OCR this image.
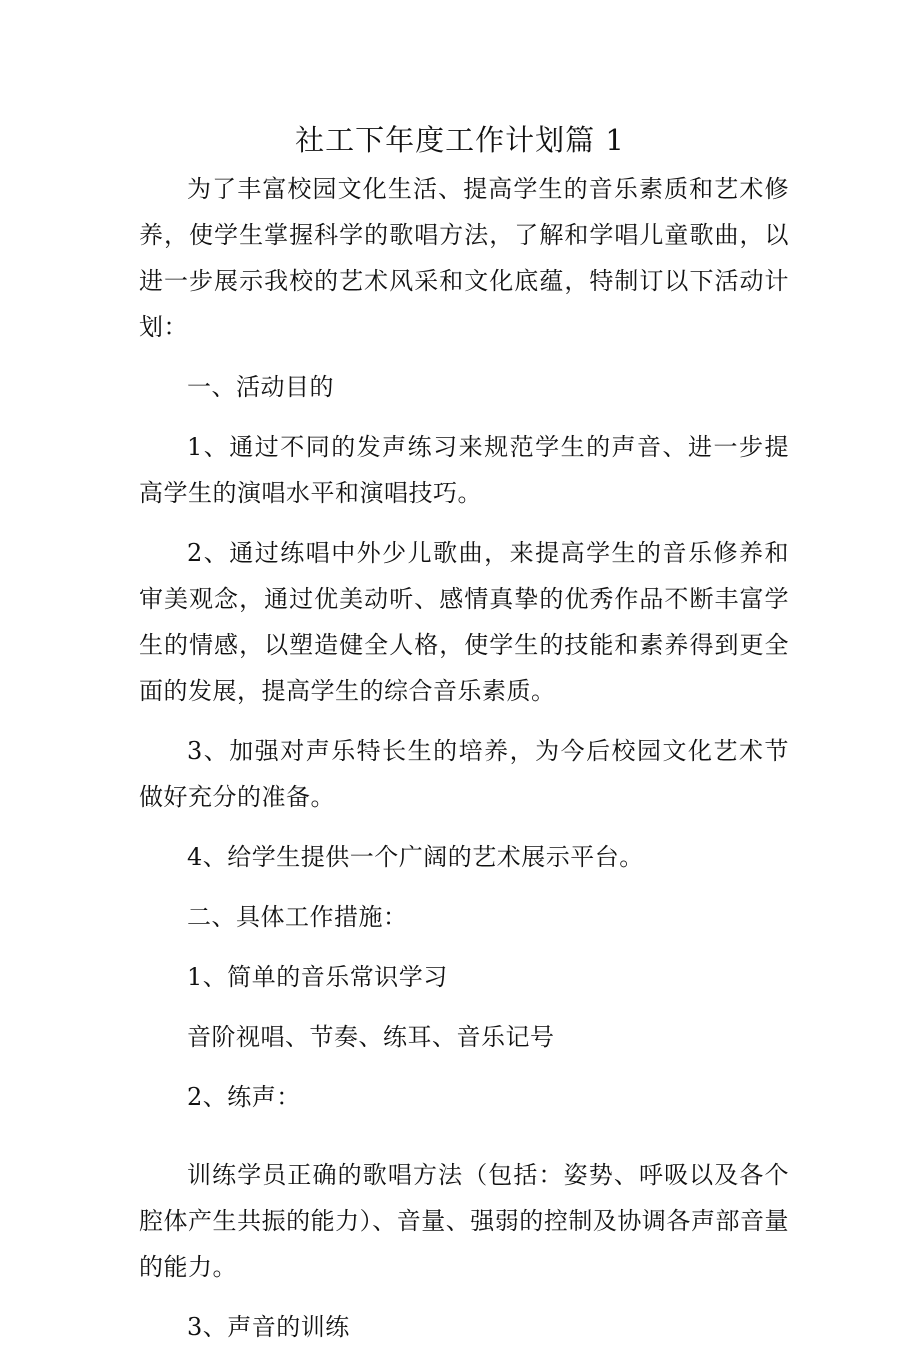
社工下年度工作计划篇 1

为了丰富校园文化生活、提高学生的音乐素质和艺术修养，使学生掌握科学的歌唱方法，了解和学唱儿童歌曲，以进一步展示我校的艺术风采和文化底蕴，特制订以下活动计划：

一、活动目的

1、通过不同的发声练习来规范学生的声音、进一步提高学生的演唱水平和演唱技巧。

2、通过练唱中外少儿歌曲，来提高学生的音乐修养和审美观念，通过优美动听、感情真挚的优秀作品不断丰富学生的情感，以塑造健全人格，使学生的技能和素养得到更全面的发展，提高学生的综合音乐素质。

3、加强对声乐特长生的培养，为今后校园文化艺术节做好充分的准备。

4、给学生提供一个广阔的艺术展示平台。

二、具体工作措施：

1、简单的音乐常识学习

音阶视唱、节奏、练耳、音乐记号

2、练声：

训练学员正确的歌唱方法（包括：姿势、呼吸以及各个腔体产生共振的能力）、音量、强弱的控制及协调各声部音量的能力。

3、声音的训练
